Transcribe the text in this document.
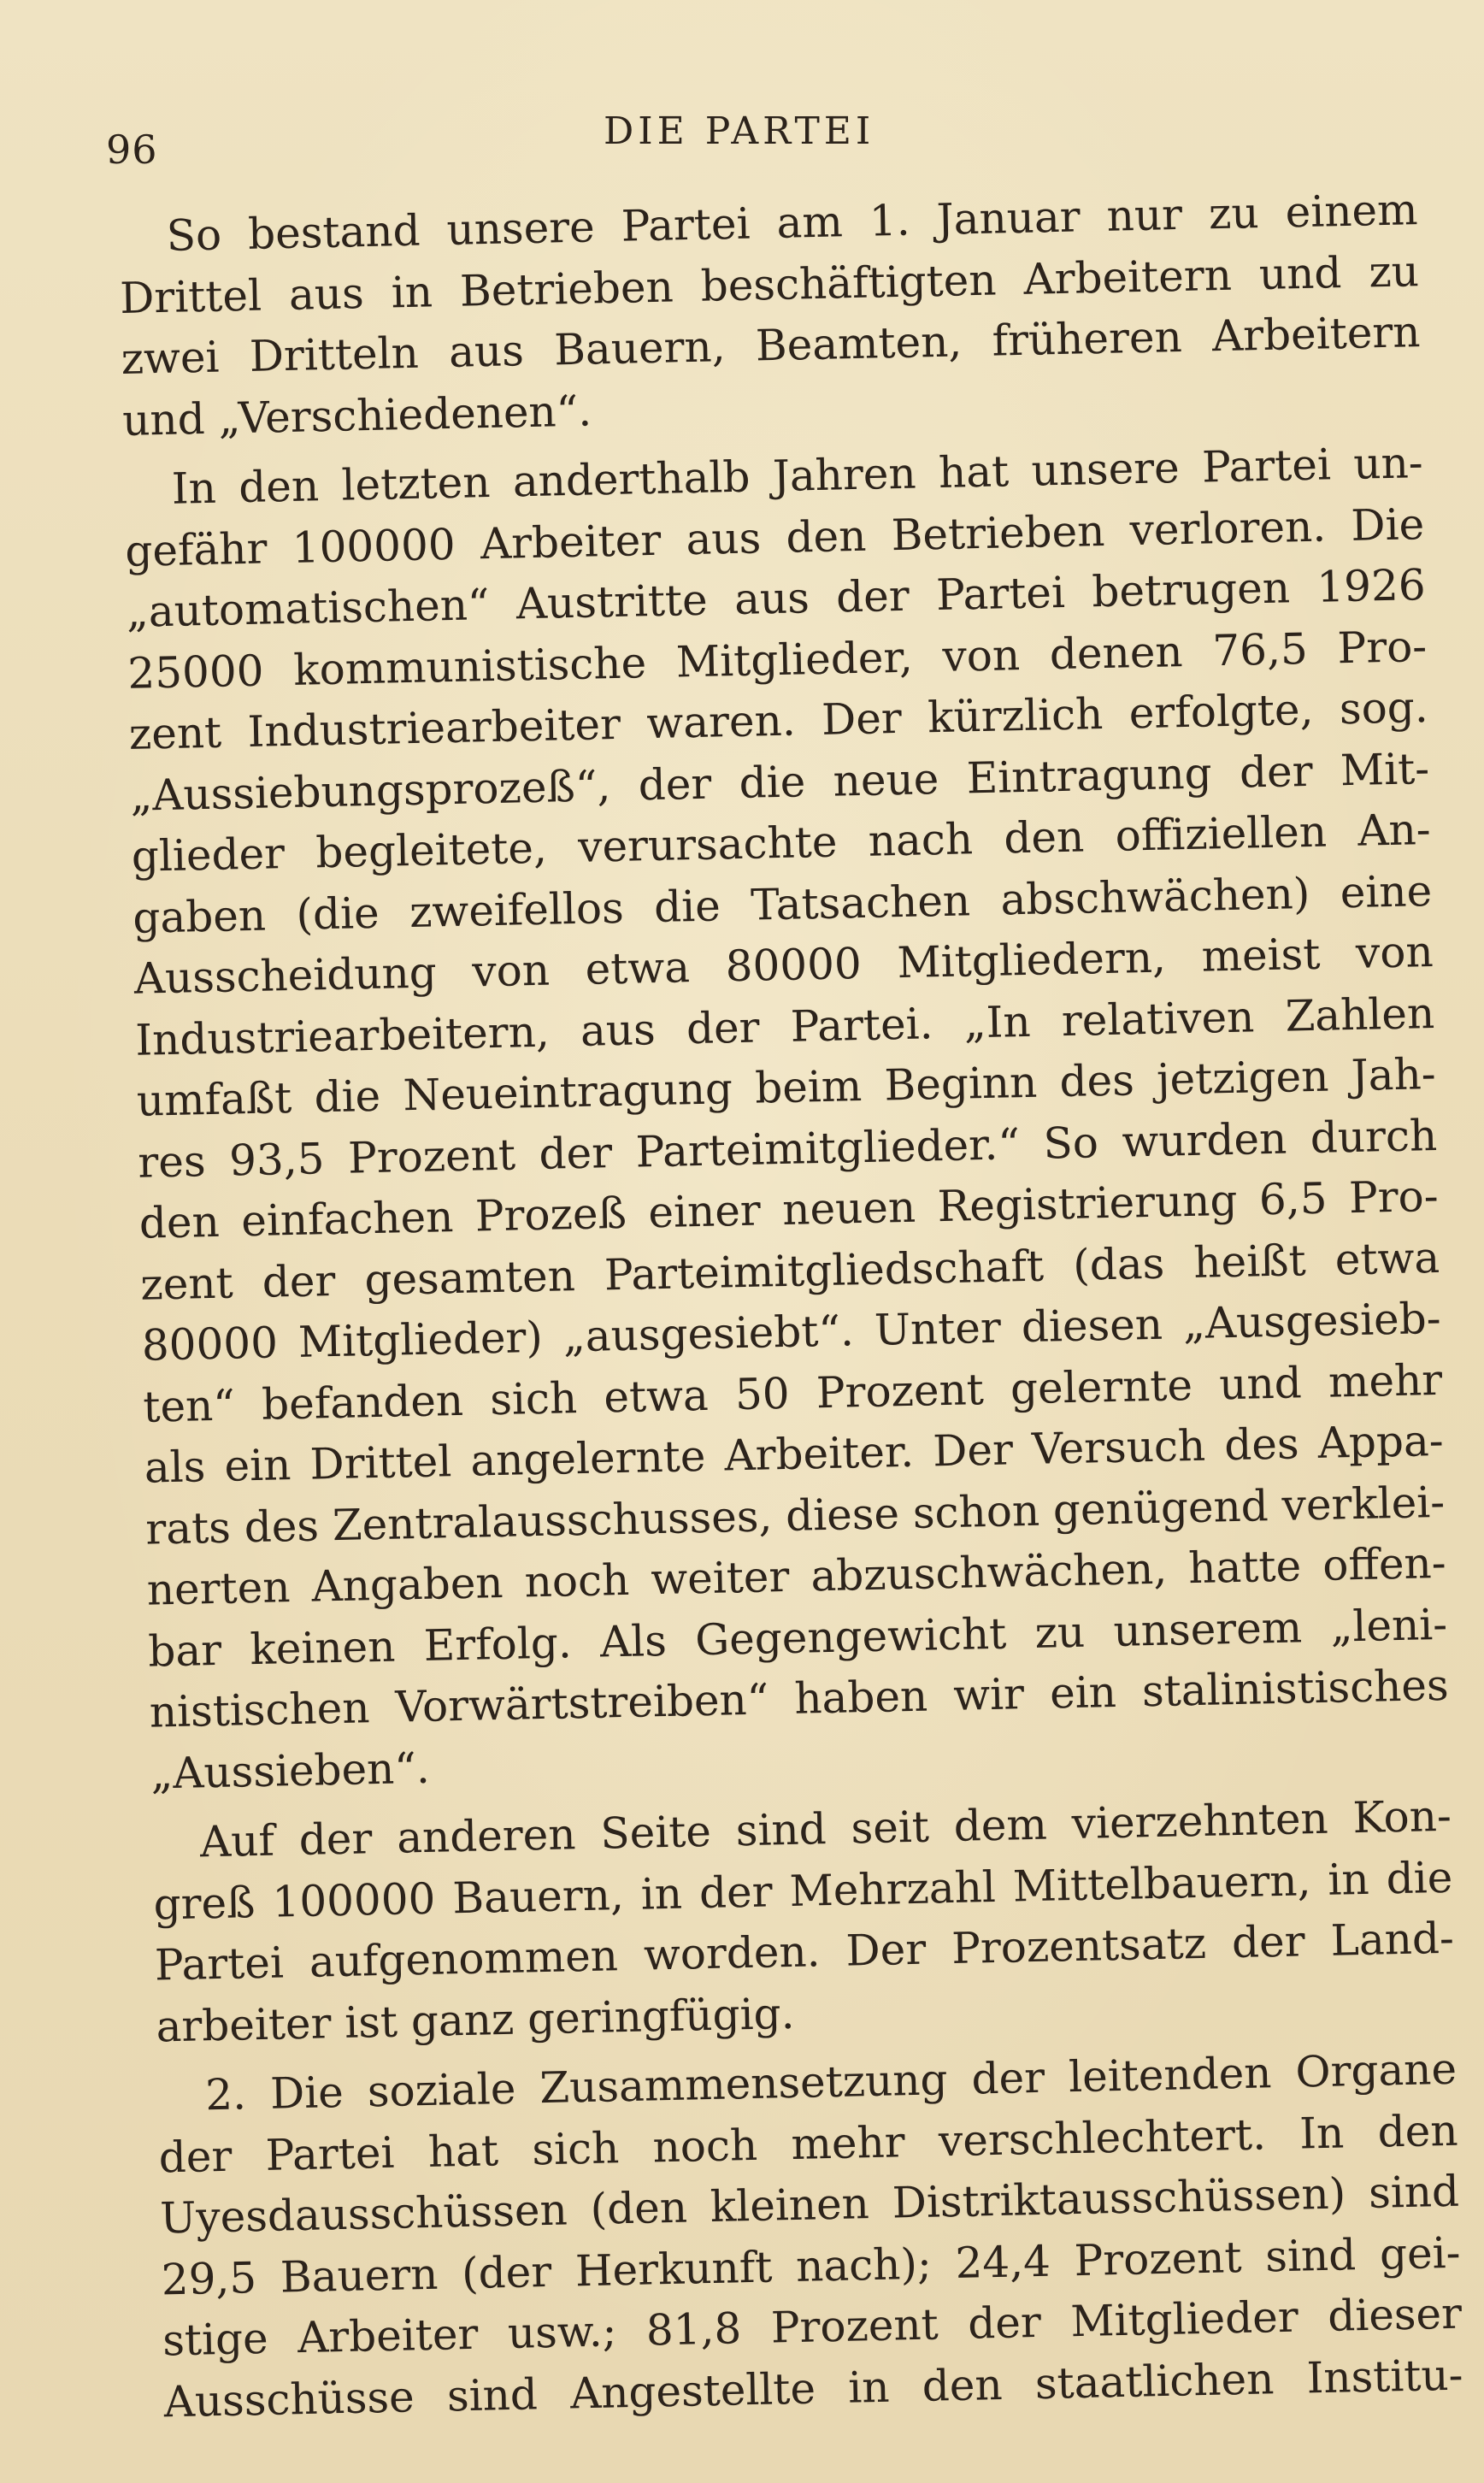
96	DIE PARTEI
So bestand unsere Partei am 1. Januar nur zu einem
Drittel aus in Betrieben beschäftigten Arbeitern und zu
zwei Dritteln aus Bauern, Beamten, früheren Arbeitern
und „Verschiedenen“.
In den letzten anderthalb Jahren hat unsere Partei un-
gefähr 100000 Arbeiter aus den Betrieben verloren. Die
„automatischen“ Austritte aus der Partei betrugen 1926
25000 kommunistische Mitglieder, von denen 76,5 Pro-
zent Industriearbeiter waren. Der kürzlich erfolgte, sog.
„Aussiebungsprozeß“, der die neue Eintragung der Mit-
glieder begleitete, verursachte nach den offiziellen An-
gaben (die zweifellos die Tatsachen abschwächen) eine
Ausscheidung von etwa 80000 Mitgliedern, meist von
Industriearbeitern, aus der Partei. „In relativen Zahlen
umfaßt die Neueintragung beim Beginn des jetzigen Jah-
res 93,5 Prozent der Parteimitglieder.“ So wurden durch
den einfachen Prozeß einer neuen Registrierung 6,5 Pro-
zent der gesamten Parteimitgliedschaft (das heißt etwa
80000 Mitglieder) „ausgesiebt“. Unter diesen „Ausgesieb-
ten“ befanden sich etwa 50 Prozent gelernte und mehr
als ein Drittel angelernte Arbeiter. Der Versuch des Appa-
rats des Zentralausschusses, diese schon genügend verklei-
nerten Angaben noch weiter abzuschwächen, hatte offen-
bar keinen Erfolg. Als Gegengewicht zu unserem „leni-
nistischen Vorwärtstreiben“ haben wir ein stalinistisches
„Aussieben“.
Auf der anderen Seite sind seit dem vierzehnten Kon-
greß 100000 Bauern, in der Mehrzahl Mittelbauern, in die
Partei aufgenommen worden. Der Prozentsatz der Land-
arbeiter ist ganz geringfügig.
2. Die soziale Zusammensetzung der leitenden Organe
der Partei hat sich noch mehr verschlechtert. In den
Uyesdausschüssen (den kleinen Distriktausschüssen) sind
29,5 Bauern (der Herkunft nach); 24,4 Prozent sind gei-
stige Arbeiter usw.; 81,8 Prozent der Mitglieder dieser
Ausschüsse sind Angestellte in den staatlichen Institu-
